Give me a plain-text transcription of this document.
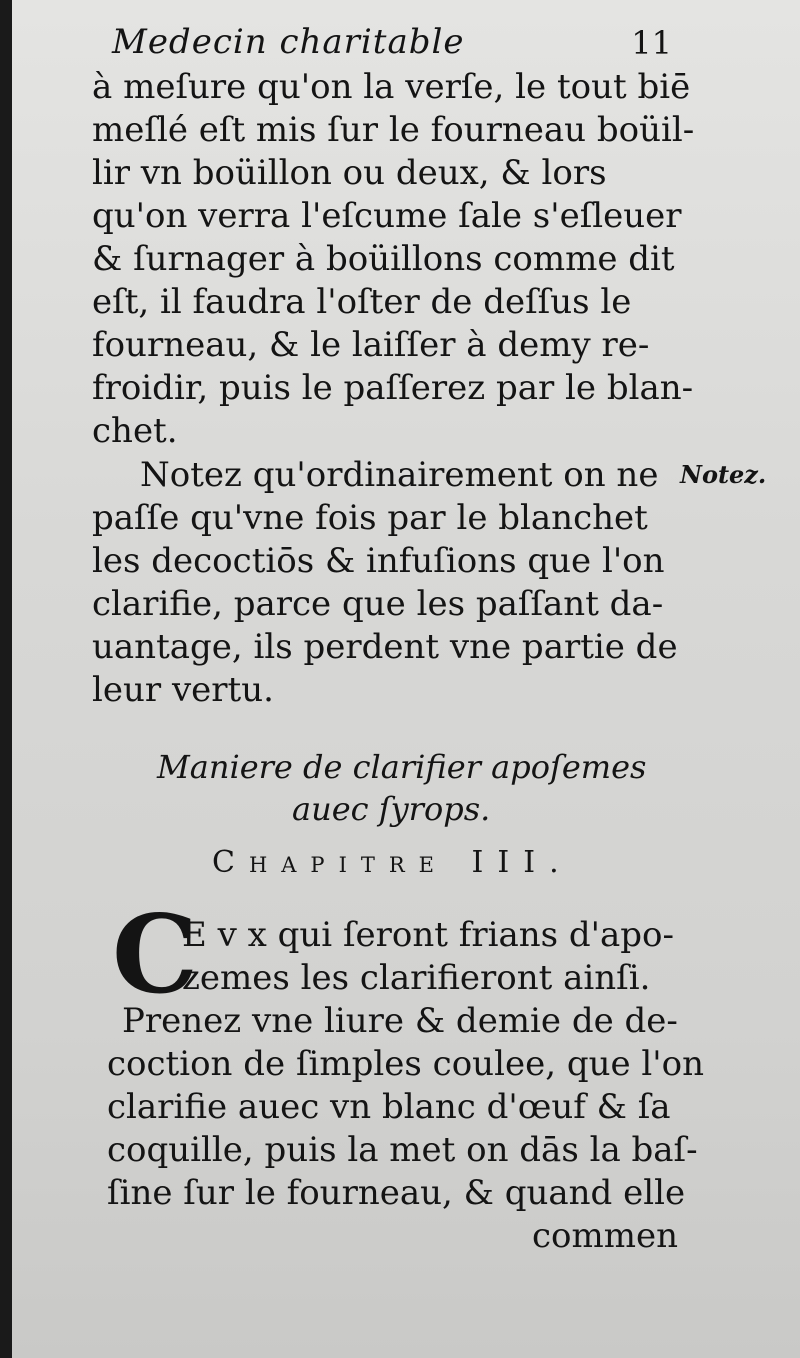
Medecin charitable	11
à meſure qu'on la verſe, le tout biē
meſlé eſt mis ſur le fourneau boüil-
lir vn boüillon ou deux, & lors
qu'on verra l'eſcume ſale s'eſleuer
& ſurnager à boüillons comme dit
eſt, il faudra l'oſter de deſſus le
fourneau, & le laiſſer à demy re-
froidir, puis le paſſerez par le blan-
chet.
Notez.
Notez qu'ordinairement on ne
paſſe qu'vne fois par le blanchet
les decoctiōs & infuſions que l'on
clarifie, parce que les paſſant da-
uantage, ils perdent vne partie de
leur vertu.
Maniere de clarifier apoſemes
auec ſyrops.
Chapitre III.
C
E v x qui ſeront frians d'apo-
zemes les clarifieront ainſi.
Prenez vne liure & demie de de-
coction de ſimples coulee, que l'on
clarifie auec vn blanc d'œuf & ſa
coquille, puis la met on dās la baſ-
ſine ſur le fourneau, & quand elle
commen
